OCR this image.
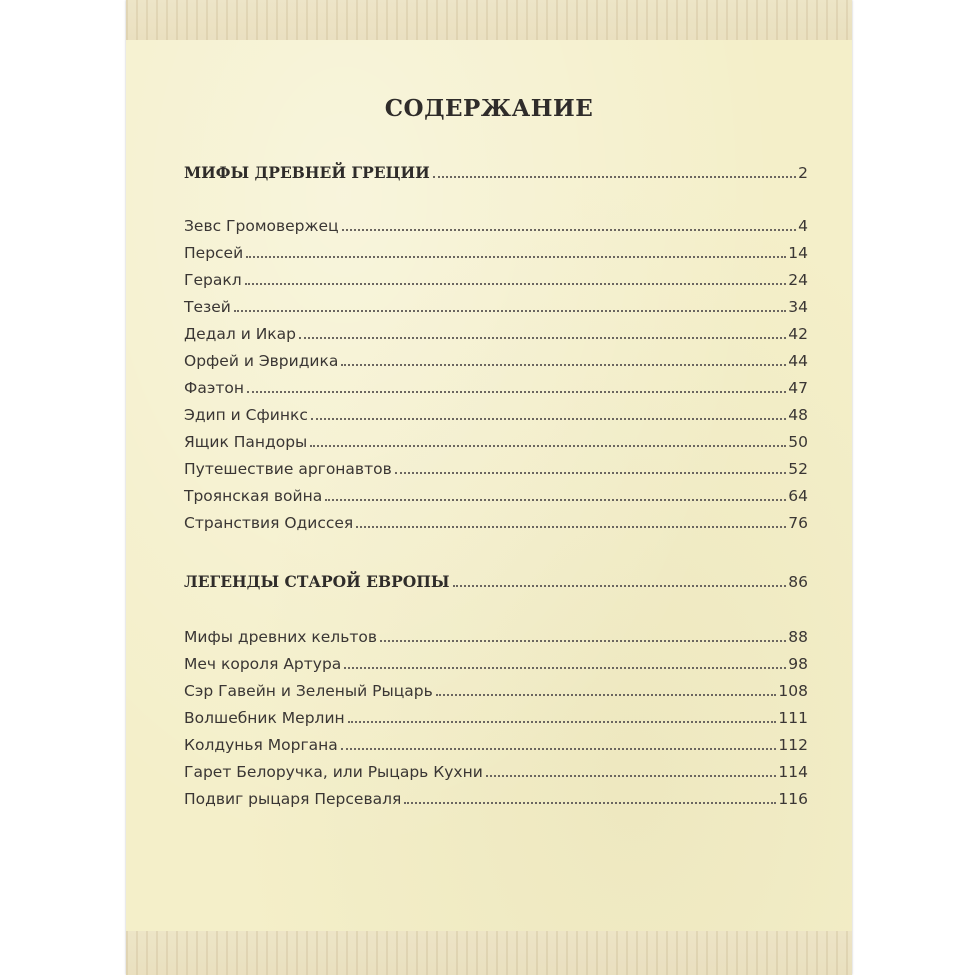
СОДЕРЖАНИЕ
МИФЫ ДРЕВНЕЙ ГРЕЦИИ	2
Зевс Громовержец	4
Персей	14
Геракл	24
Тезей	34
Дедал и Икар	42
Орфей и Эвридика	44
Фаэтон	47
Эдип и Сфинкс	48
Ящик Пандоры	50
Путешествие аргонавтов	52
Троянская война	64
Странствия Одиссея	76
ЛЕГЕНДЫ СТАРОЙ ЕВРОПЫ	86
Мифы древних кельтов	88
Меч короля Артура	98
Сэр Гавейн и Зеленый Рыцарь	108
Волшебник Мерлин	111
Колдунья Моргана	112
Гарет Белоручка, или Рыцарь Кухни	114
Подвиг рыцаря Персеваля	116
